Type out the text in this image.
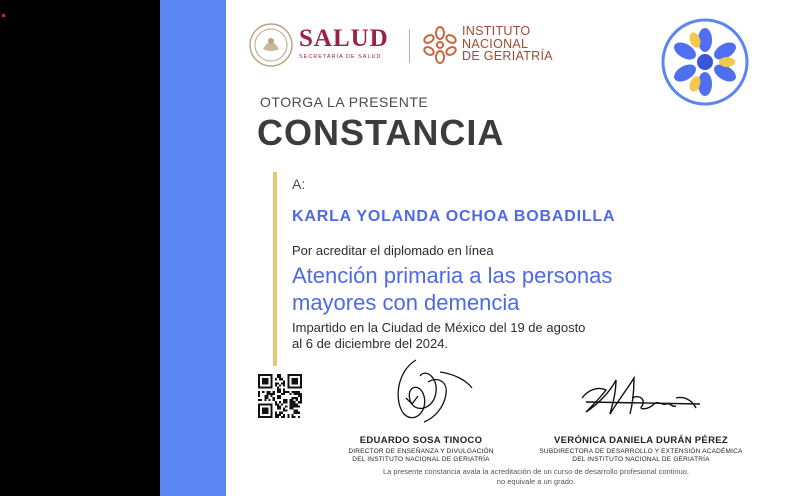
SALUD
SECRETARÍA DE SALUD
INSTITUTO
NACIONAL
DE GERIATRÍA
OTORGA LA PRESENTE
CONSTANCIA
A:
KARLA YOLANDA OCHOA BOBADILLA
Por acreditar el diplomado en línea
Atención primaria a las personas
mayores con demencia
Impartido en la Ciudad de México del 19 de agosto
al 6 de diciembre del 2024.
EDUARDO SOSA TINOCO
DIRECTOR DE ENSEÑANZA Y DIVULGACIÓN
DEL INSTITUTO NACIONAL DE GERIATRÍA
VERÓNICA DANIELA DURÁN PÉREZ
SUBDIRECTORA DE DESARROLLO Y EXTENSIÓN ACADÉMICA
DEL INSTITUTO NACIONAL DE GERIATRÍA
La presente constancia avala la acreditación de un curso de desarrollo profesional continuo,
no equivale a un grado.
